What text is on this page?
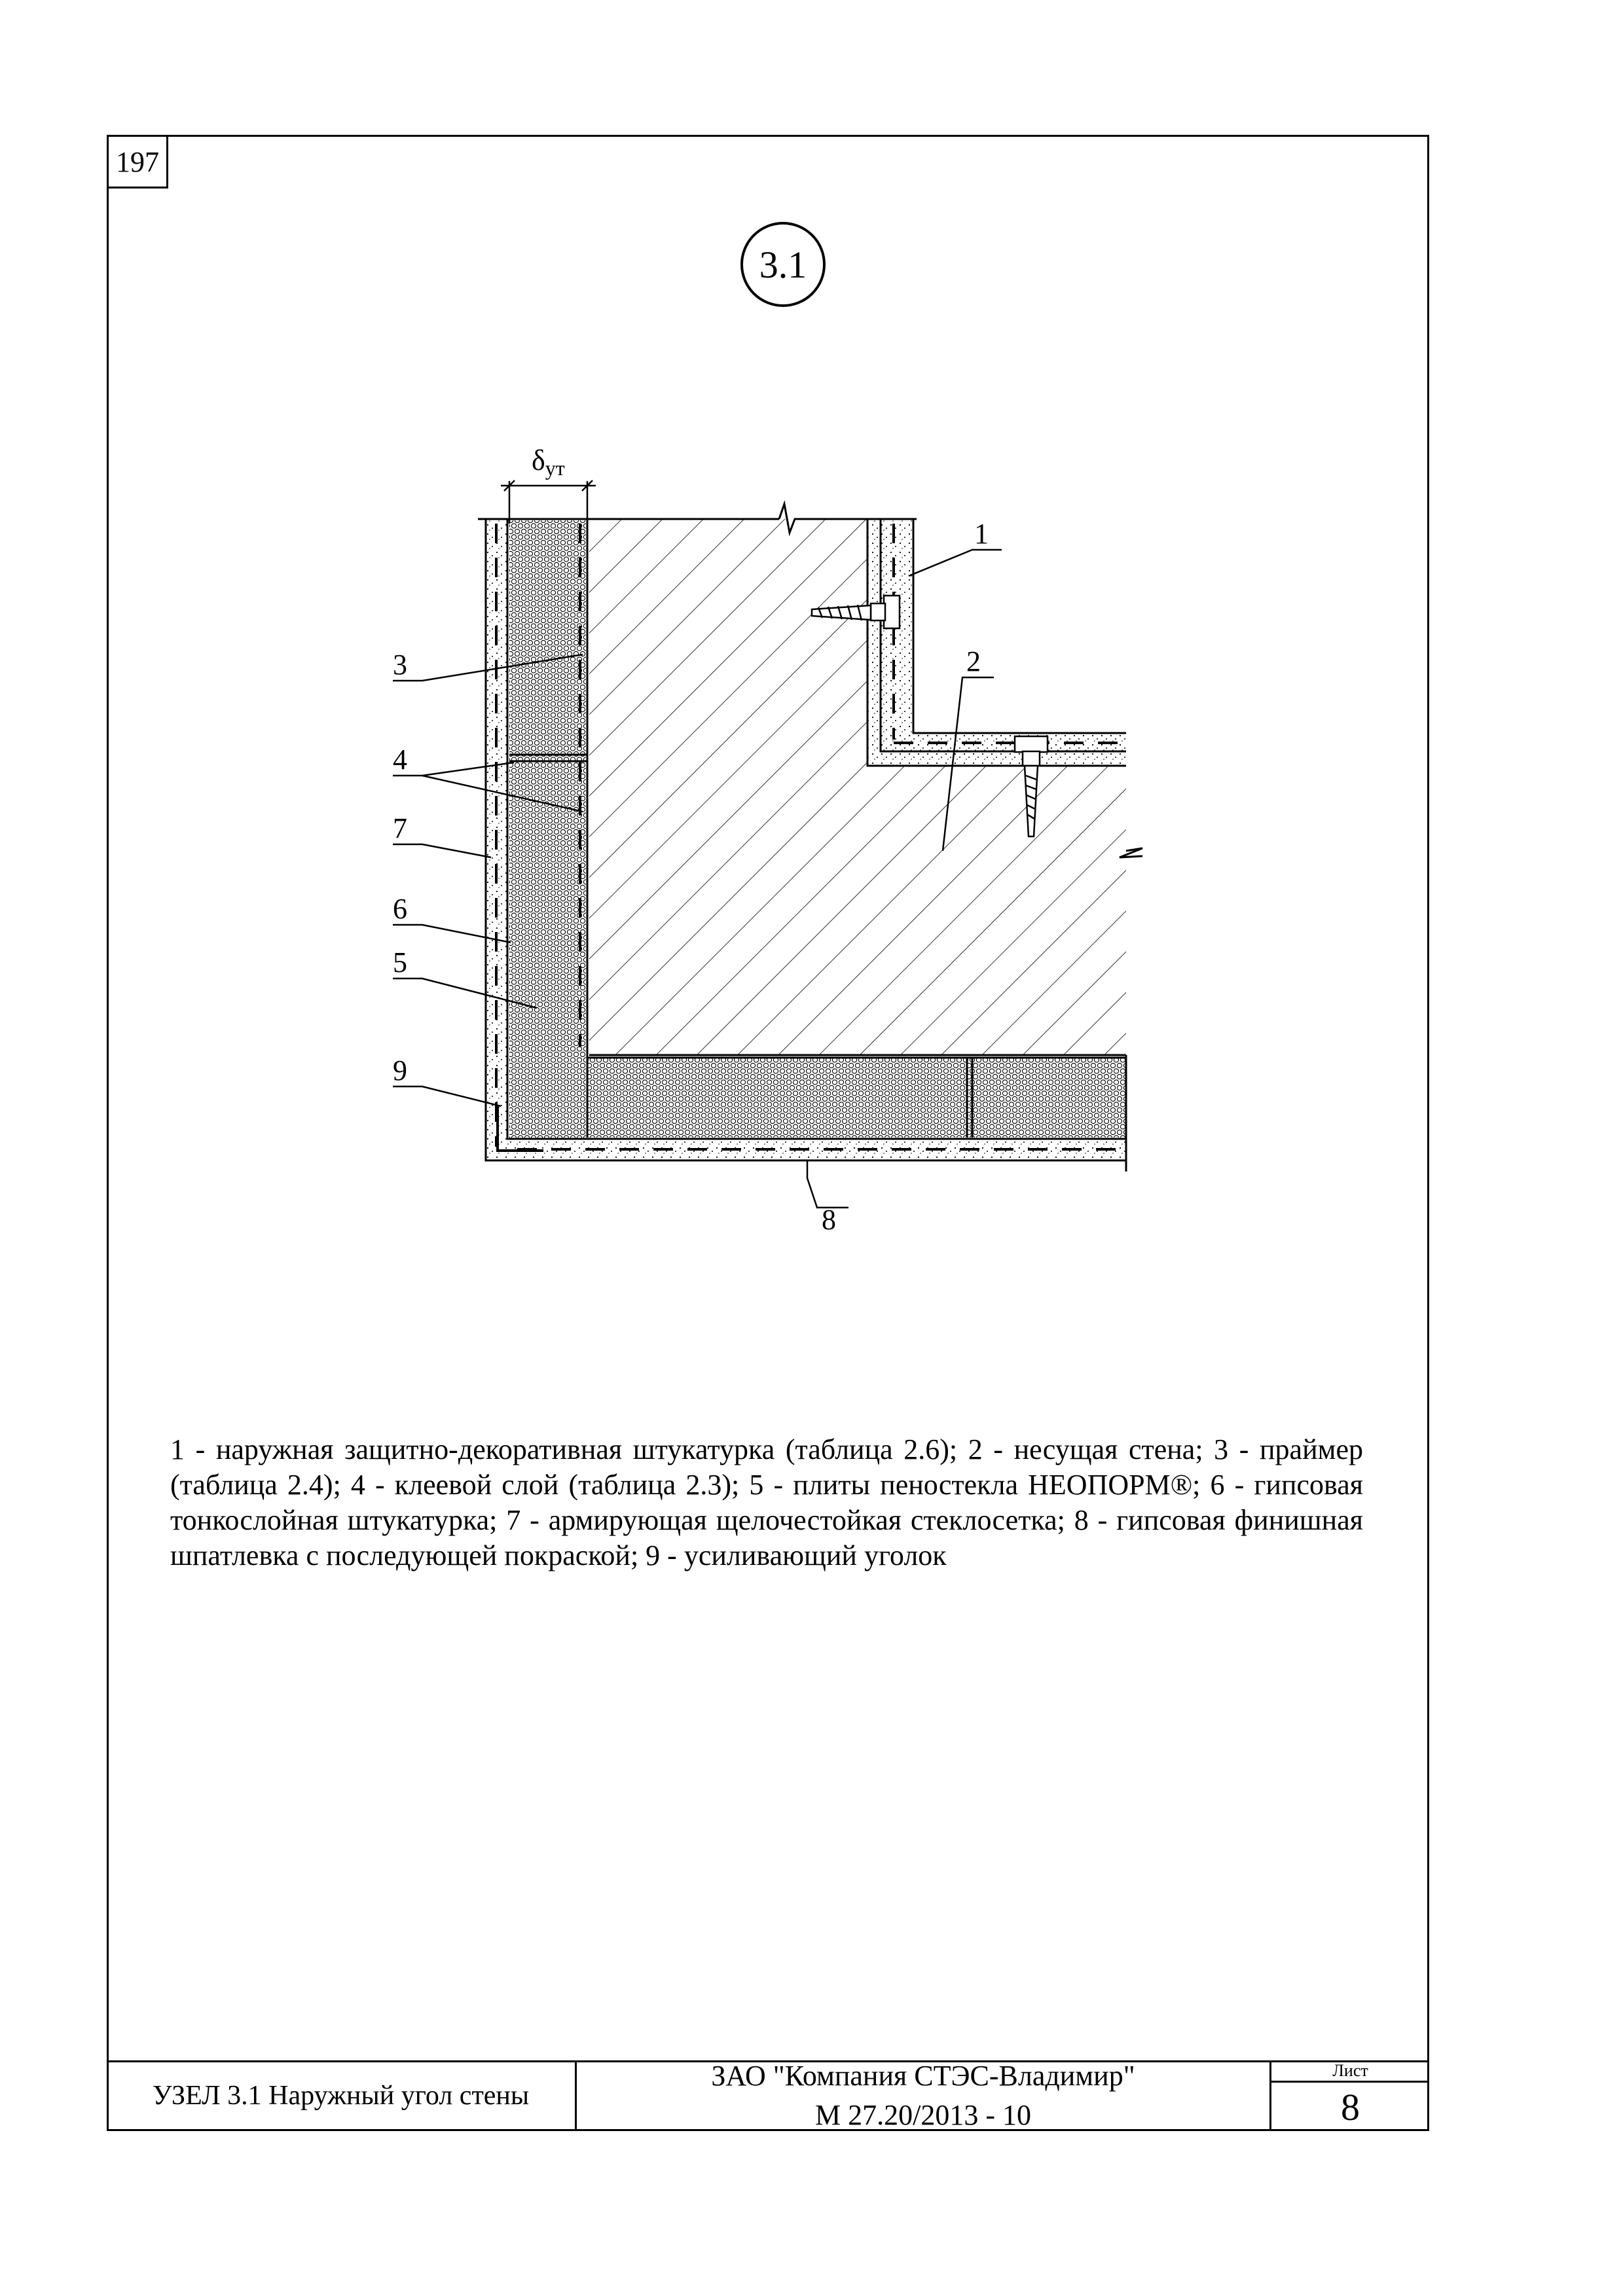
197
3.1
δут
1
2
3
4
7
6
5
9
8
1 - наружная защитно-декоративная штукатурка (таблица 2.6); 2 - несущая стена; 3 - праймер (таблица 2.4); 4 - клеевой слой (таблица 2.3); 5 - плиты пеностекла НЕОПОРМ®; 6 - гипсовая тонкослойная штукатурка; 7 - армирующая щелочестойкая стеклосетка; 8 - гипсовая финишная шпатлевка с последующей покраской; 9 - усиливающий уголок
УЗЕЛ 3.1 Наружный угол стены
ЗАО "Компания СТЭС-Владимир"
М 27.20/2013 - 10
Лист
8
